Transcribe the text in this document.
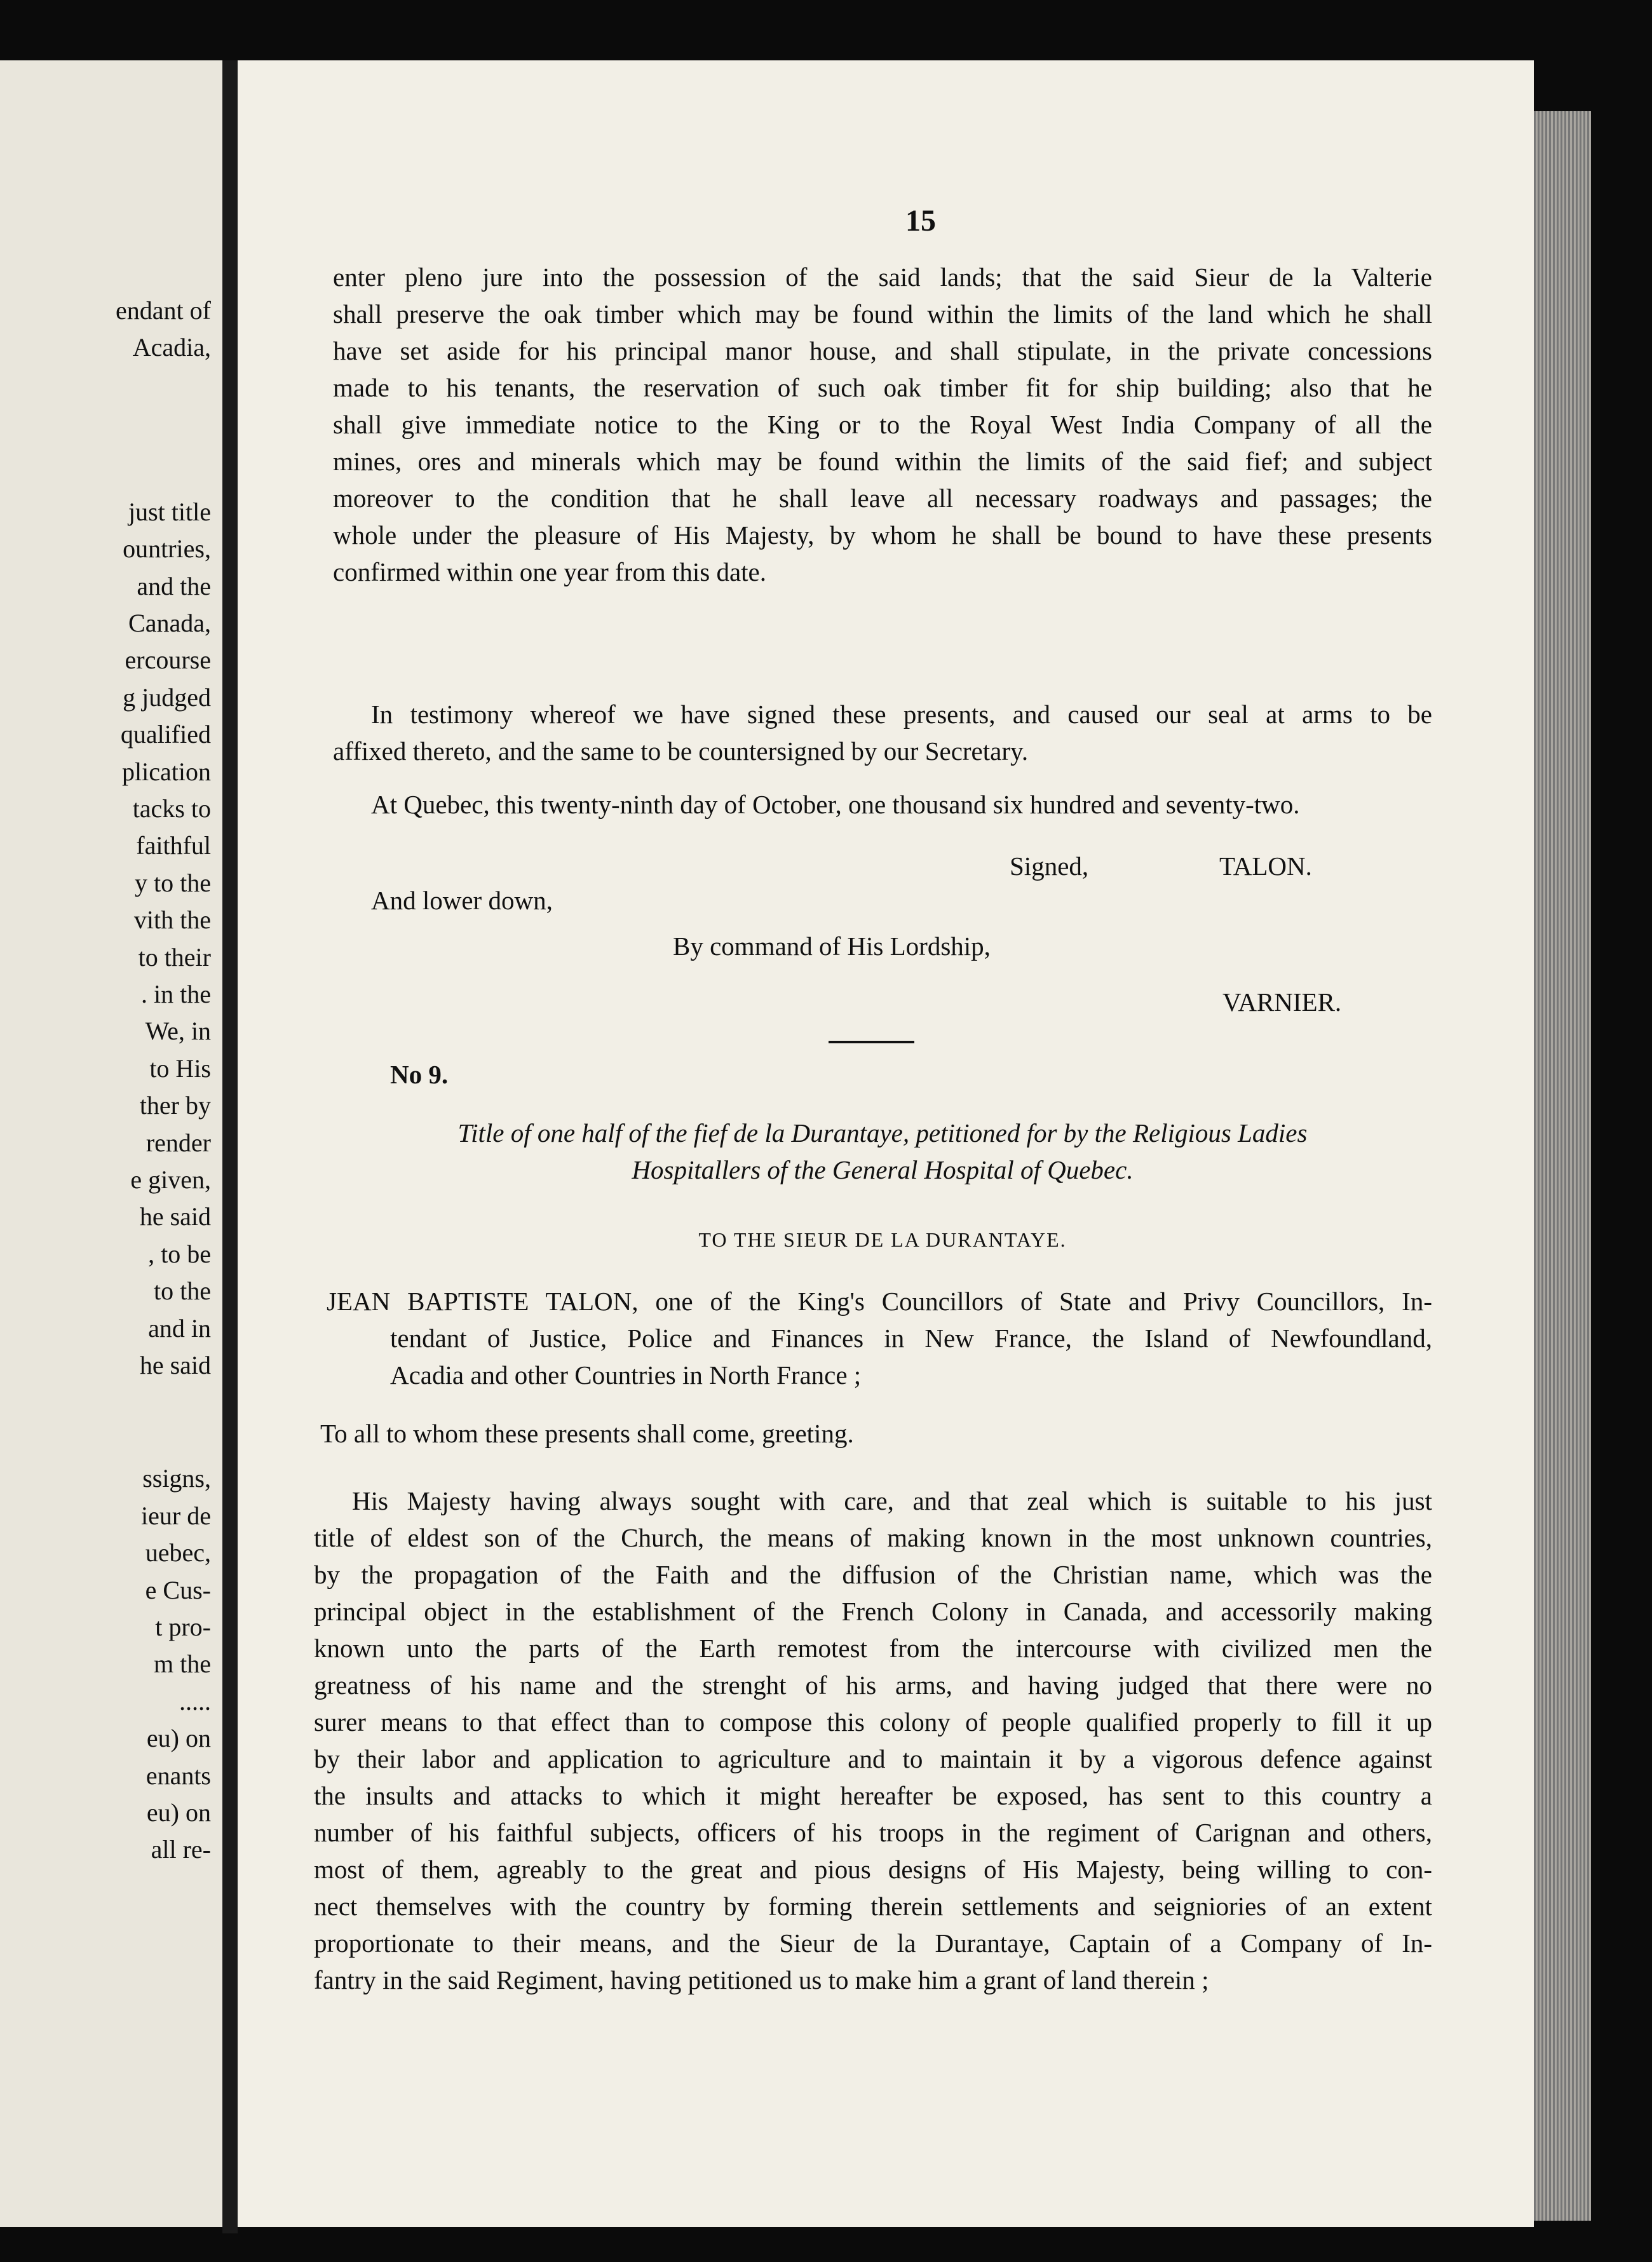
endant of
Acadia,
just title
ountries,
and the
Canada,
ercourse
g judged
qualified
plication
tacks to
faithful
y to the
vith the
to their
. in the
We, in
to His
ther by
render
e given,
he said
, to be
to the
and in
he said
ssigns,
ieur de
uebec,
e Cus-
t pro-
m the
.....
eu) on
enants
eu) on
all re-
15
enter pleno jure into the possession of the said lands; that the said Sieur de la Valterie
shall preserve the oak timber which may be found within the limits of the land which he shall
have set aside for his principal manor house, and shall stipulate, in the private concessions
made to his tenants, the reservation of such oak timber fit for ship building; also that he
shall give immediate notice to the King or to the Royal West India Company of all the
mines, ores and minerals which may be found within the limits of the said fief; and subject
moreover to the condition that he shall leave all necessary roadways and passages; the
whole under the pleasure of His Majesty, by whom he shall be bound to have these presents
confirmed within one year from this date.
In testimony whereof we have signed these presents, and caused our seal at arms to be
affixed thereto, and the same to be countersigned by our Secretary.
At Quebec, this twenty-ninth day of October, one thousand six hundred and seventy-two.
Signed,	TALON.
And lower down,
By command of His Lordship,
VARNIER.
No 9.
Title of one half of the fief de la Durantaye, petitioned for by the Religious Ladies
Hospitallers of the General Hospital of Quebec.
TO THE SIEUR DE LA DURANTAYE.
JEAN BAPTISTE TALON, one of the King's Councillors of State and Privy Councillors, In-
tendant of Justice, Police and Finances in New France, the Island of Newfoundland,
Acadia and other Countries in North France ;
To all to whom these presents shall come, greeting.
His Majesty having always sought with care, and that zeal which is suitable to his just
title of eldest son of the Church, the means of making known in the most unknown countries,
by the propagation of the Faith and the diffusion of the Christian name, which was the
principal object in the establishment of the French Colony in Canada, and accessorily making
known unto the parts of the Earth remotest from the intercourse with civilized men the
greatness of his name and the strenght of his arms, and having judged that there were no
surer means to that effect than to compose this colony of people qualified properly to fill it up
by their labor and application to agriculture and to maintain it by a vigorous defence against
the insults and attacks to which it might hereafter be exposed, has sent to this country a
number of his faithful subjects, officers of his troops in the regiment of Carignan and others,
most of them, agreably to the great and pious designs of His Majesty, being willing to con-
nect themselves with the country by forming therein settlements and seigniories of an extent
proportionate to their means, and the Sieur de la Durantaye, Captain of a Company of In-
fantry in the said Regiment, having petitioned us to make him a grant of land therein ;
